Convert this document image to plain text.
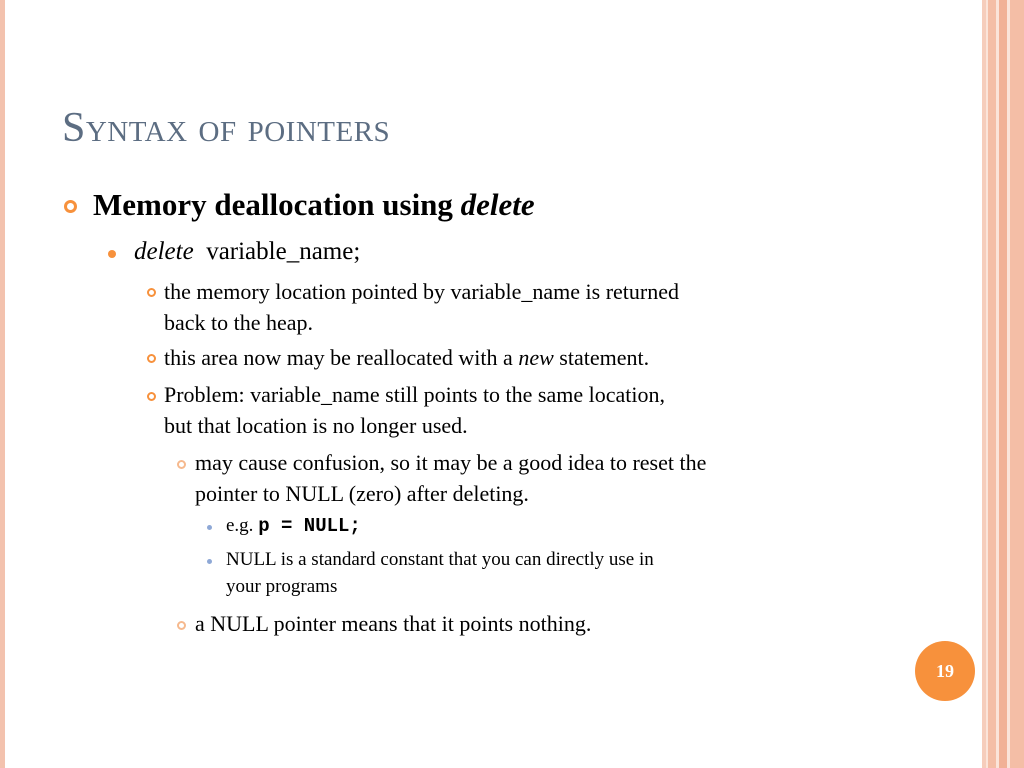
Syntax of pointers
Memory deallocation using delete
delete  variable_name;
the memory location pointed by variable_name is returned
back to the heap.
this area now may be reallocated with a new statement.
Problem: variable_name still points to the same location,
but that location is no longer used.
may cause confusion, so it may be a good idea to reset the
pointer to NULL (zero) after deleting.
e.g. p = NULL;
NULL is a standard constant that you can directly use in
your programs
a NULL pointer means that it points nothing.
19
